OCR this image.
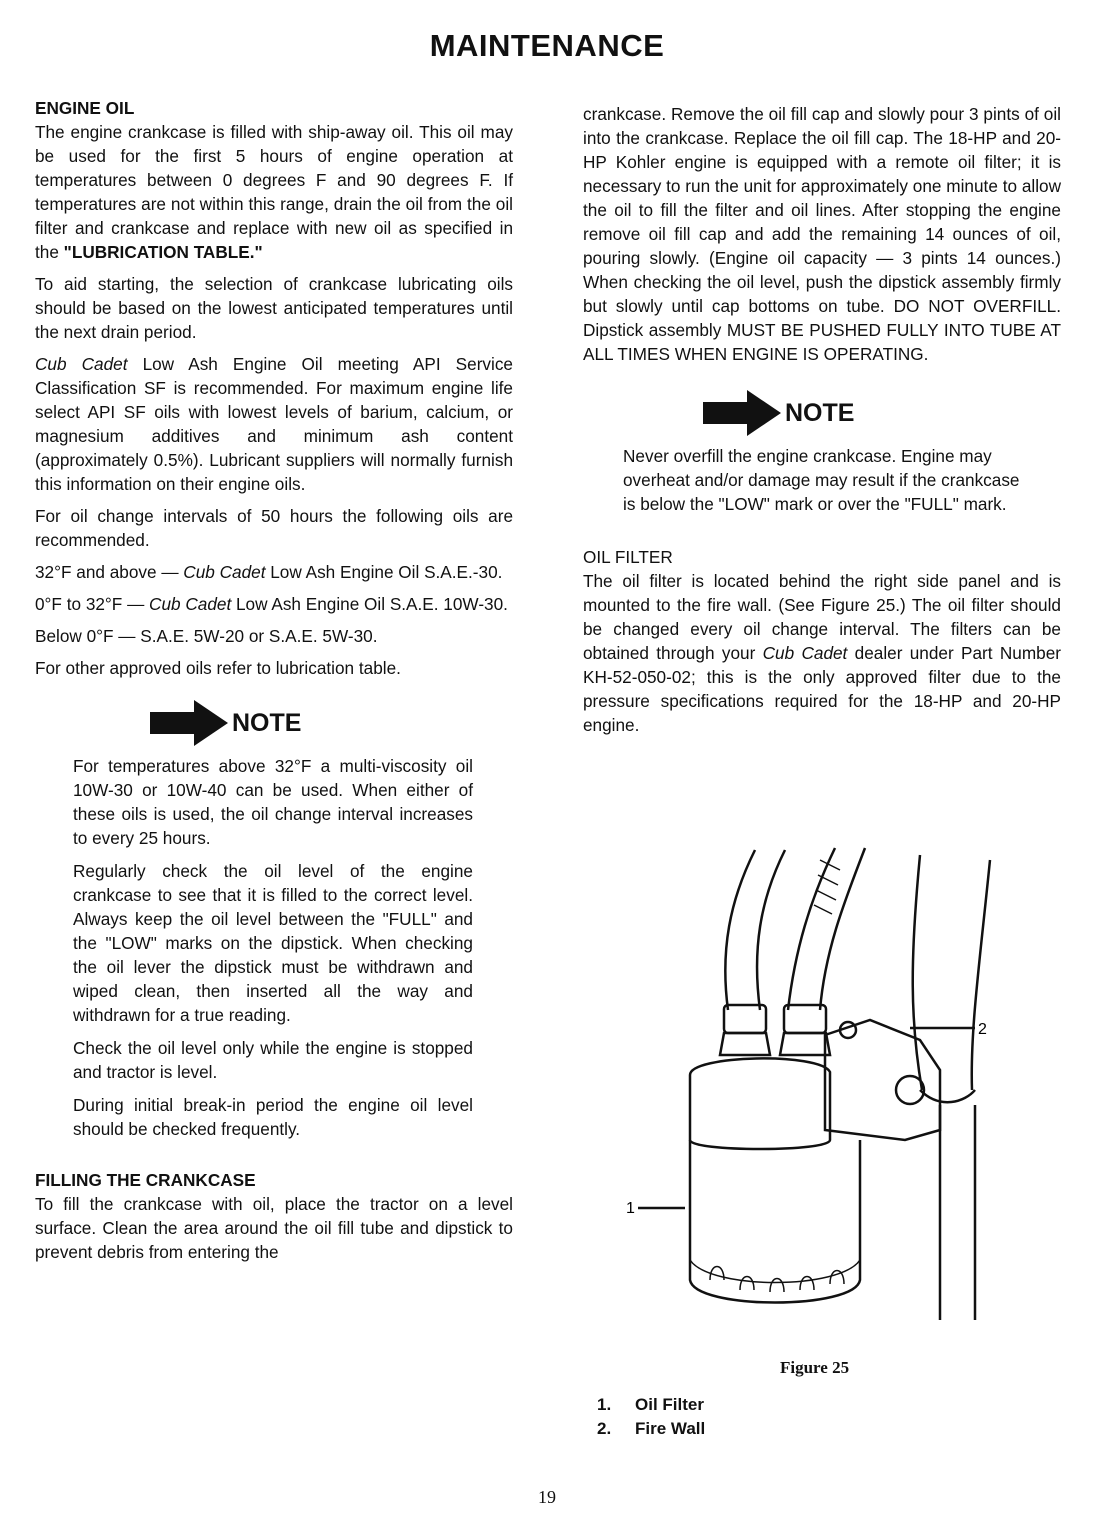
MAINTENANCE
ENGINE OIL

The engine crankcase is filled with ship-away oil. This oil may be used for the first 5 hours of engine operation at temperatures between 0 degrees F and 90 degrees F. If temperatures are not within this range, drain the oil from the oil filter and crankcase and replace with new oil as specified in the "LUBRICATION TABLE."

To aid starting, the selection of crankcase lubricating oils should be based on the lowest anticipated temperatures until the next drain period.

Cub Cadet Low Ash Engine Oil meeting API Service Classification SF is recommended. For maximum engine life select API SF oils with lowest levels of barium, calcium, or magnesium additives and minimum ash content (approximately 0.5%). Lubricant suppliers will normally furnish this information on their engine oils.

For oil change intervals of 50 hours the following oils are recommended.

32°F and above — Cub Cadet Low Ash Engine Oil S.A.E.-30.

0°F to 32°F — Cub Cadet Low Ash Engine Oil S.A.E. 10W-30.

Below 0°F — S.A.E. 5W-20 or S.A.E. 5W-30.

For other approved oils refer to lubrication table.

NOTE

For temperatures above 32°F a multi-viscosity oil 10W-30 or 10W-40 can be used. When either of these oils is used, the oil change interval increases to every 25 hours.

Regularly check the oil level of the engine crankcase to see that it is filled to the correct level. Always keep the oil level between the "FULL" and the "LOW" marks on the dipstick. When checking the oil lever the dipstick must be withdrawn and wiped clean, then inserted all the way and withdrawn for a true reading.

Check the oil level only while the engine is stopped and tractor is level.

During initial break-in period the engine oil level should be checked frequently.

FILLING THE CRANKCASE

To fill the crankcase with oil, place the tractor on a level surface. Clean the area around the oil fill tube and dipstick to prevent debris from entering the

crankcase. Remove the oil fill cap and slowly pour 3 pints of oil into the crankcase. Replace the oil fill cap. The 18-HP and 20-HP Kohler engine is equipped with a remote oil filter; it is necessary to run the unit for approximately one minute to allow the oil to fill the filter and oil lines. After stopping the engine remove oil fill cap and add the remaining 14 ounces of oil, pouring slowly. (Engine oil capacity — 3 pints 14 ounces.) When checking the oil level, push the dipstick assembly firmly but slowly until cap bottoms on tube. DO NOT OVERFILL. Dipstick assembly MUST BE PUSHED FULLY INTO TUBE AT ALL TIMES WHEN ENGINE IS OPERATING.

NOTE

Never overfill the engine crankcase. Engine may overheat and/or damage may result if the crankcase is below the "LOW" mark or over the "FULL" mark.

OIL FILTER

The oil filter is located behind the right side panel and is mounted to the fire wall. (See Figure 25.) The oil filter should be changed every oil change interval. The filters can be obtained through your Cub Cadet dealer under Part Number KH-52-050-02; this is the only approved filter due to the pressure specifications required for the 18-HP and 20-HP engine.

1
2
Figure 25
1. Oil Filter
2. Fire Wall
19
